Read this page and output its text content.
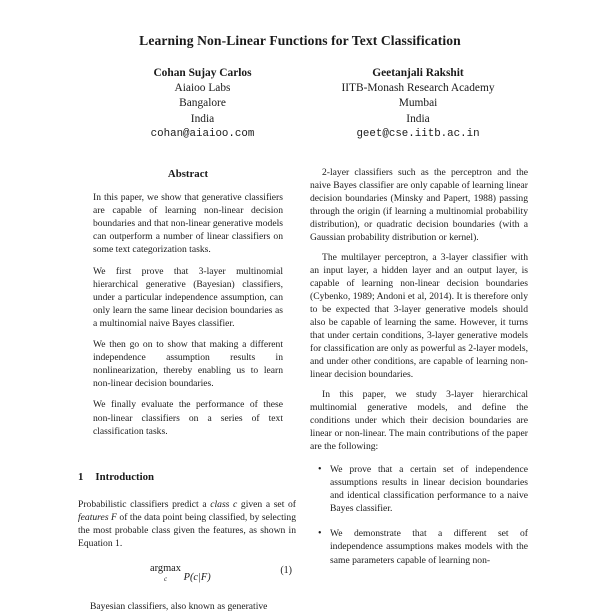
Learning Non-Linear Functions for Text Classification
Cohan Sujay Carlos
Aiaioo Labs
Bangalore
India
cohan@aiaioo.com
Geetanjali Rakshit
IITB-Monash Research Academy
Mumbai
India
geet@cse.iitb.ac.in
Abstract

In this paper, we show that generative classifiers are capable of learning non-linear decision boundaries and that non-linear generative models can outperform a number of linear classifiers on some text categorization tasks.

We first prove that 3-layer multinomial hierarchical generative (Bayesian) classifiers, under a particular independence assumption, can only learn the same linear decision boundaries as a multinomial naive Bayes classifier.

We then go on to show that making a different independence assumption results in nonlinearization, thereby enabling us to learn non-linear decision boundaries.

We finally evaluate the performance of these non-linear classifiers on a series of text classification tasks.

1 Introduction

Probabilistic classifiers predict a class c given a set of features F of the data point being classified, by selecting the most probable class given the features, as shown in Equation 1.

argmax
c	P(c|F)
(1)

Bayesian classifiers, also known as generative

2-layer classifiers such as the perceptron and the naive Bayes classifier are only capable of learning linear decision boundaries (Minsky and Papert, 1988) passing through the origin (if learning a multinomial probability distribution), or quadratic decision boundaries (with a Gaussian probability distribution or kernel).

The multilayer perceptron, a 3-layer classifier with an input layer, a hidden layer and an output layer, is capable of learning non-linear decision boundaries (Cybenko, 1989; Andoni et al, 2014). It is therefore only to be expected that 3-layer generative models should also be capable of learning the same. However, it turns that under certain conditions, 3-layer generative models for classification are only as powerful as 2-layer models, and under other conditions, are capable of learning non-linear decision boundaries.

In this paper, we study 3-layer hierarchical multinomial generative models, and define the conditions under which their decision boundaries are linear or non-linear. The main contributions of the paper are the following:

• We prove that a certain set of independence assumptions results in linear decision boundaries and identical classification performance to a naive Bayes classifier.
• We demonstrate that a different set of independence assumptions makes models with the same parameters capable of learning non-
